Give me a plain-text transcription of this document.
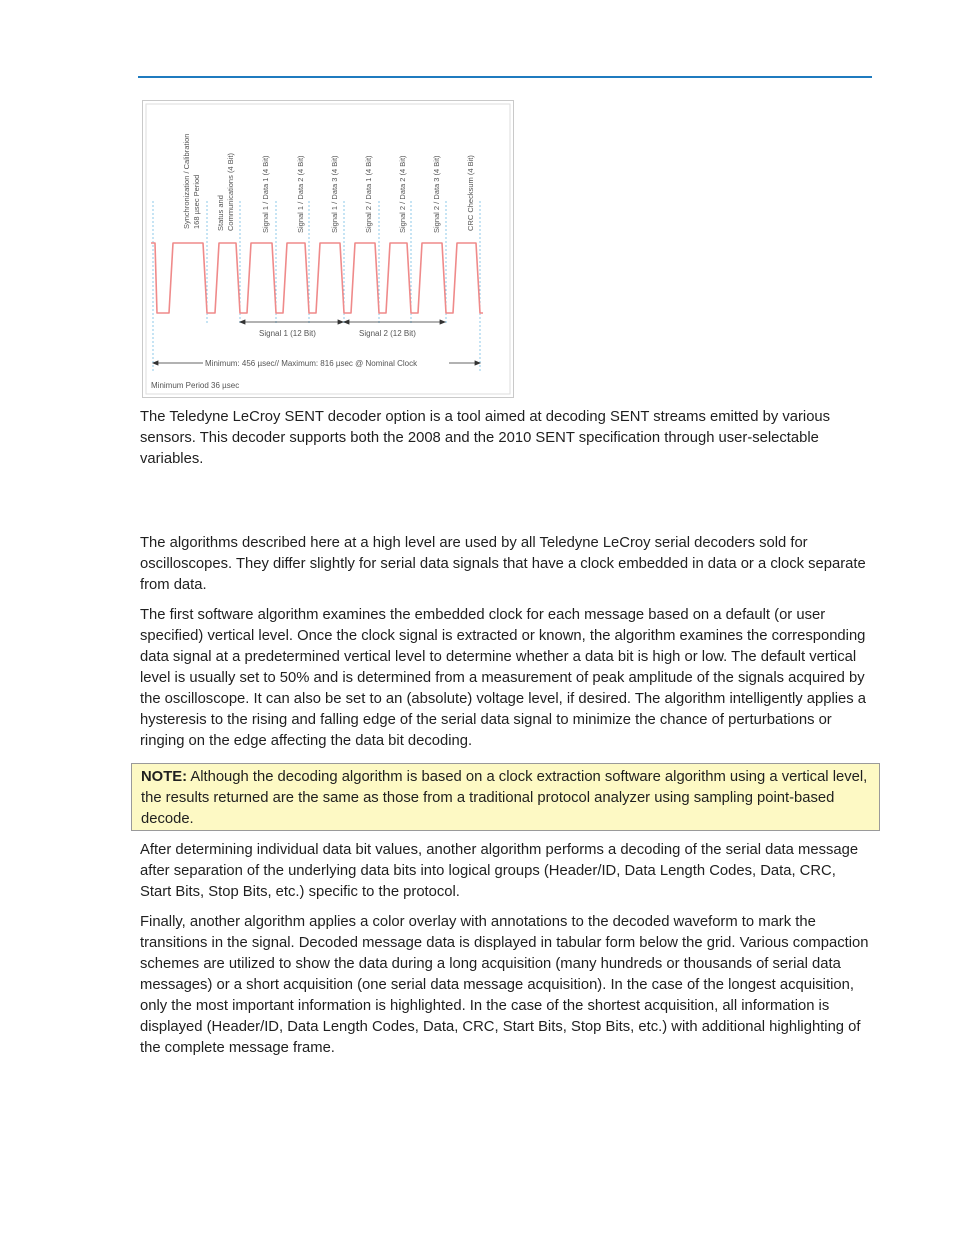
Synchronization / Calibration 168 µsec Period Status and Communications (4 Bit)	Signal 1 / Data 1 (4 Bit)	Signal 1 / Data 2 (4 Bit)	Signal 1 / Data 3 (4 Bit)	Signal 2 / Data 1 (4 Bit)	Signal 2 / Data 2 (4 Bit)	Signal 2 / Data 3 (4 Bit)	CRC Checksum (4 Bit)
Signal 1 (12 Bit)	Signal 2 (12 Bit)
Minimum: 456 µsec// Maximum: 816 µsec @ Nominal Clock
Minimum Period 36 µsec

The Teledyne LeCroy SENT decoder option is a tool aimed at decoding SENT streams emitted by various sensors. This decoder supports both the 2008 and the 2010 SENT specification through user-selectable variables.

The algorithms described here at a high level are used by all Teledyne LeCroy serial decoders sold for oscilloscopes. They differ slightly for serial data signals that have a clock embedded in data or a clock separate from data.

The first software algorithm examines the embedded clock for each message based on a default (or user specified) vertical level. Once the clock signal is extracted or known, the algorithm examines the corresponding data signal at a predetermined vertical level to determine whether a data bit is high or low. The default vertical level is usually set to 50% and is determined from a measurement of peak amplitude of the signals acquired by the oscilloscope. It can also be set to an (absolute) voltage level, if desired. The algorithm intelligently applies a hysteresis to the rising and falling edge of the serial data signal to minimize the chance of perturbations or ringing on the edge affecting the data bit decoding.

NOTE: Although the decoding algorithm is based on a clock extraction software algorithm using a vertical level, the results returned are the same as those from a traditional protocol analyzer using sampling point-based decode.

After determining individual data bit values, another algorithm performs a decoding of the serial data message after separation of the underlying data bits into logical groups (Header/ID, Data Length Codes, Data, CRC, Start Bits, Stop Bits, etc.) specific to the protocol.

Finally, another algorithm applies a color overlay with annotations to the decoded waveform to mark the transitions in the signal. Decoded message data is displayed in tabular form below the grid. Various compaction schemes are utilized to show the data during a long acquisition (many hundreds or thousands of serial data messages) or a short acquisition (one serial data message acquisition). In the case of the longest acquisition, only the most important information is highlighted. In the case of the shortest acquisition, all information is displayed (Header/ID, Data Length Codes, Data, CRC, Start Bits, Stop Bits, etc.) with additional highlighting of the complete message frame.
